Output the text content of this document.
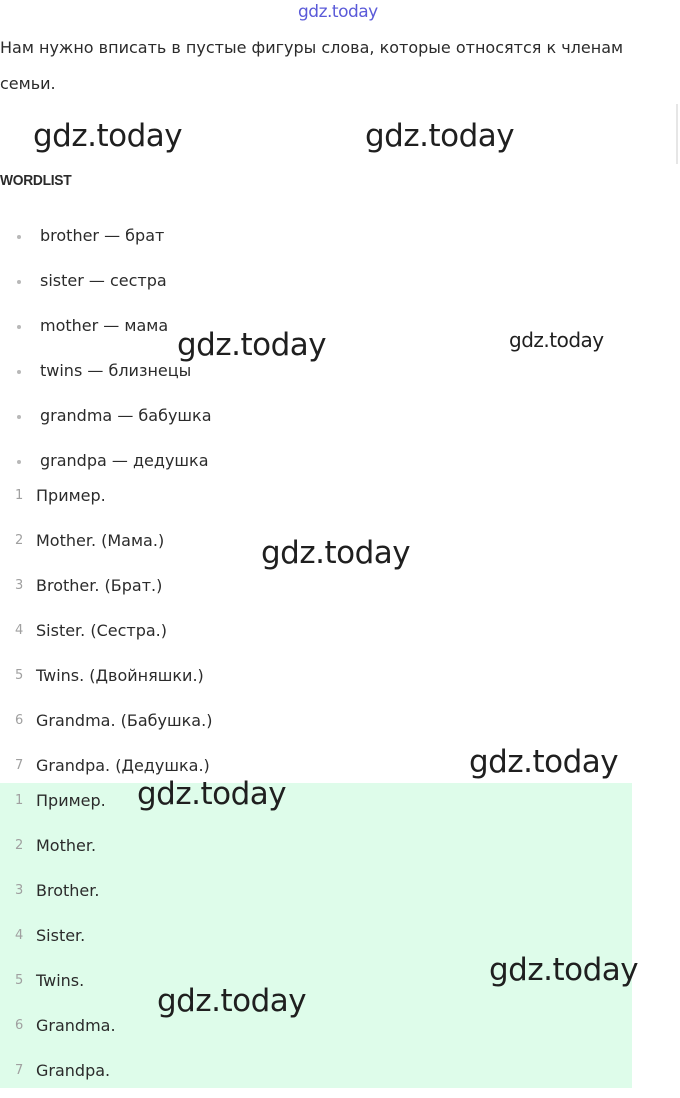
gdz.today
Нам нужно вписать в пустые фигуры слова, которые относятся к членам семьи.
WORDLIST
brother — брат
sister — сестра
mother — мама
twins — близнецы
grandma — бабушка
grandpa — дедушка
1 Пример.
2 Mother. (Мама.)
3 Brother. (Брат.)
4 Sister. (Сестра.)
5 Twins. (Двойняшки.)
6 Grandma. (Бабушка.)
7 Grandpa. (Дедушка.)
1 Пример.
2 Mother.
3 Brother.
4 Sister.
5 Twins.
6 Grandma.
7 Grandpa.
gdz.today	gdz.today
gdz.today	gdz.today
gdz.today
gdz.today
gdz.today
gdz.today
gdz.today
